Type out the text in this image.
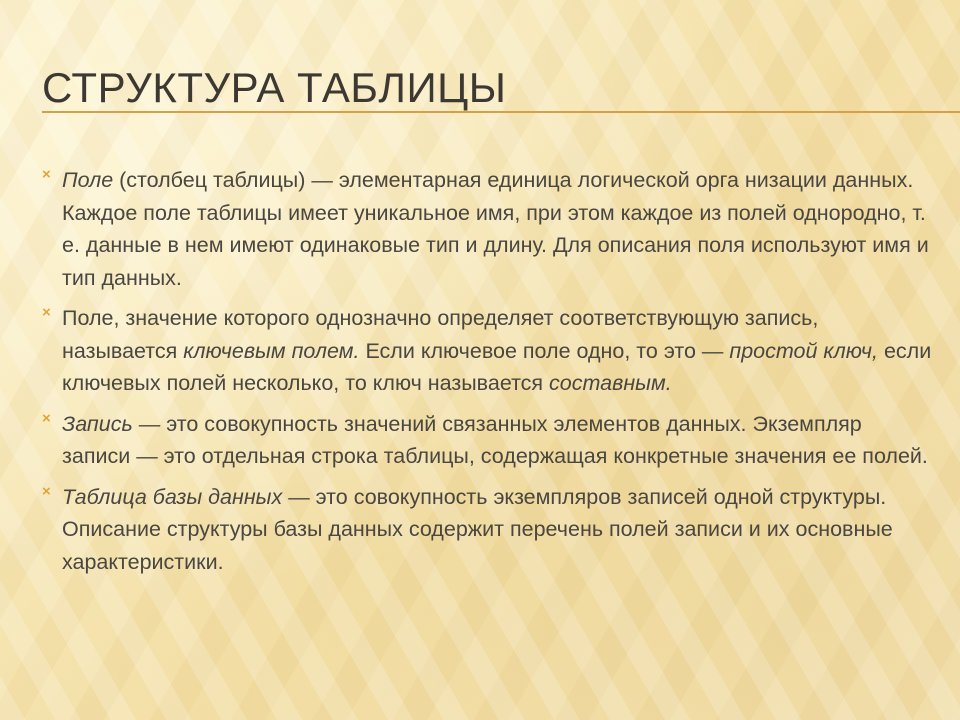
СТРУКТУРА ТАБЛИЦЫ
× Поле (столбец таблицы) — элементарная единица логической орга низации данных. Каждое поле таблицы имеет уникальное имя, при этом каждое из полей однородно, т. е. данные в нем имеют одинаковые тип и длину. Для описания поля используют имя и тип данных.
× Поле, значение которого однозначно определяет соответствующую запись, называется ключевым полем. Если ключевое поле одно, то это — простой ключ, если ключевых полей несколько, то ключ называется составным.
× Запись — это совокупность значений связанных элементов данных. Экземпляр записи — это отдельная строка таблицы, содержащая конкретные значения ее полей.
× Таблица базы данных — это совокупность экземпляров записей одной структуры. Описание структуры базы данных содержит перечень полей записи и их основные характеристики.
